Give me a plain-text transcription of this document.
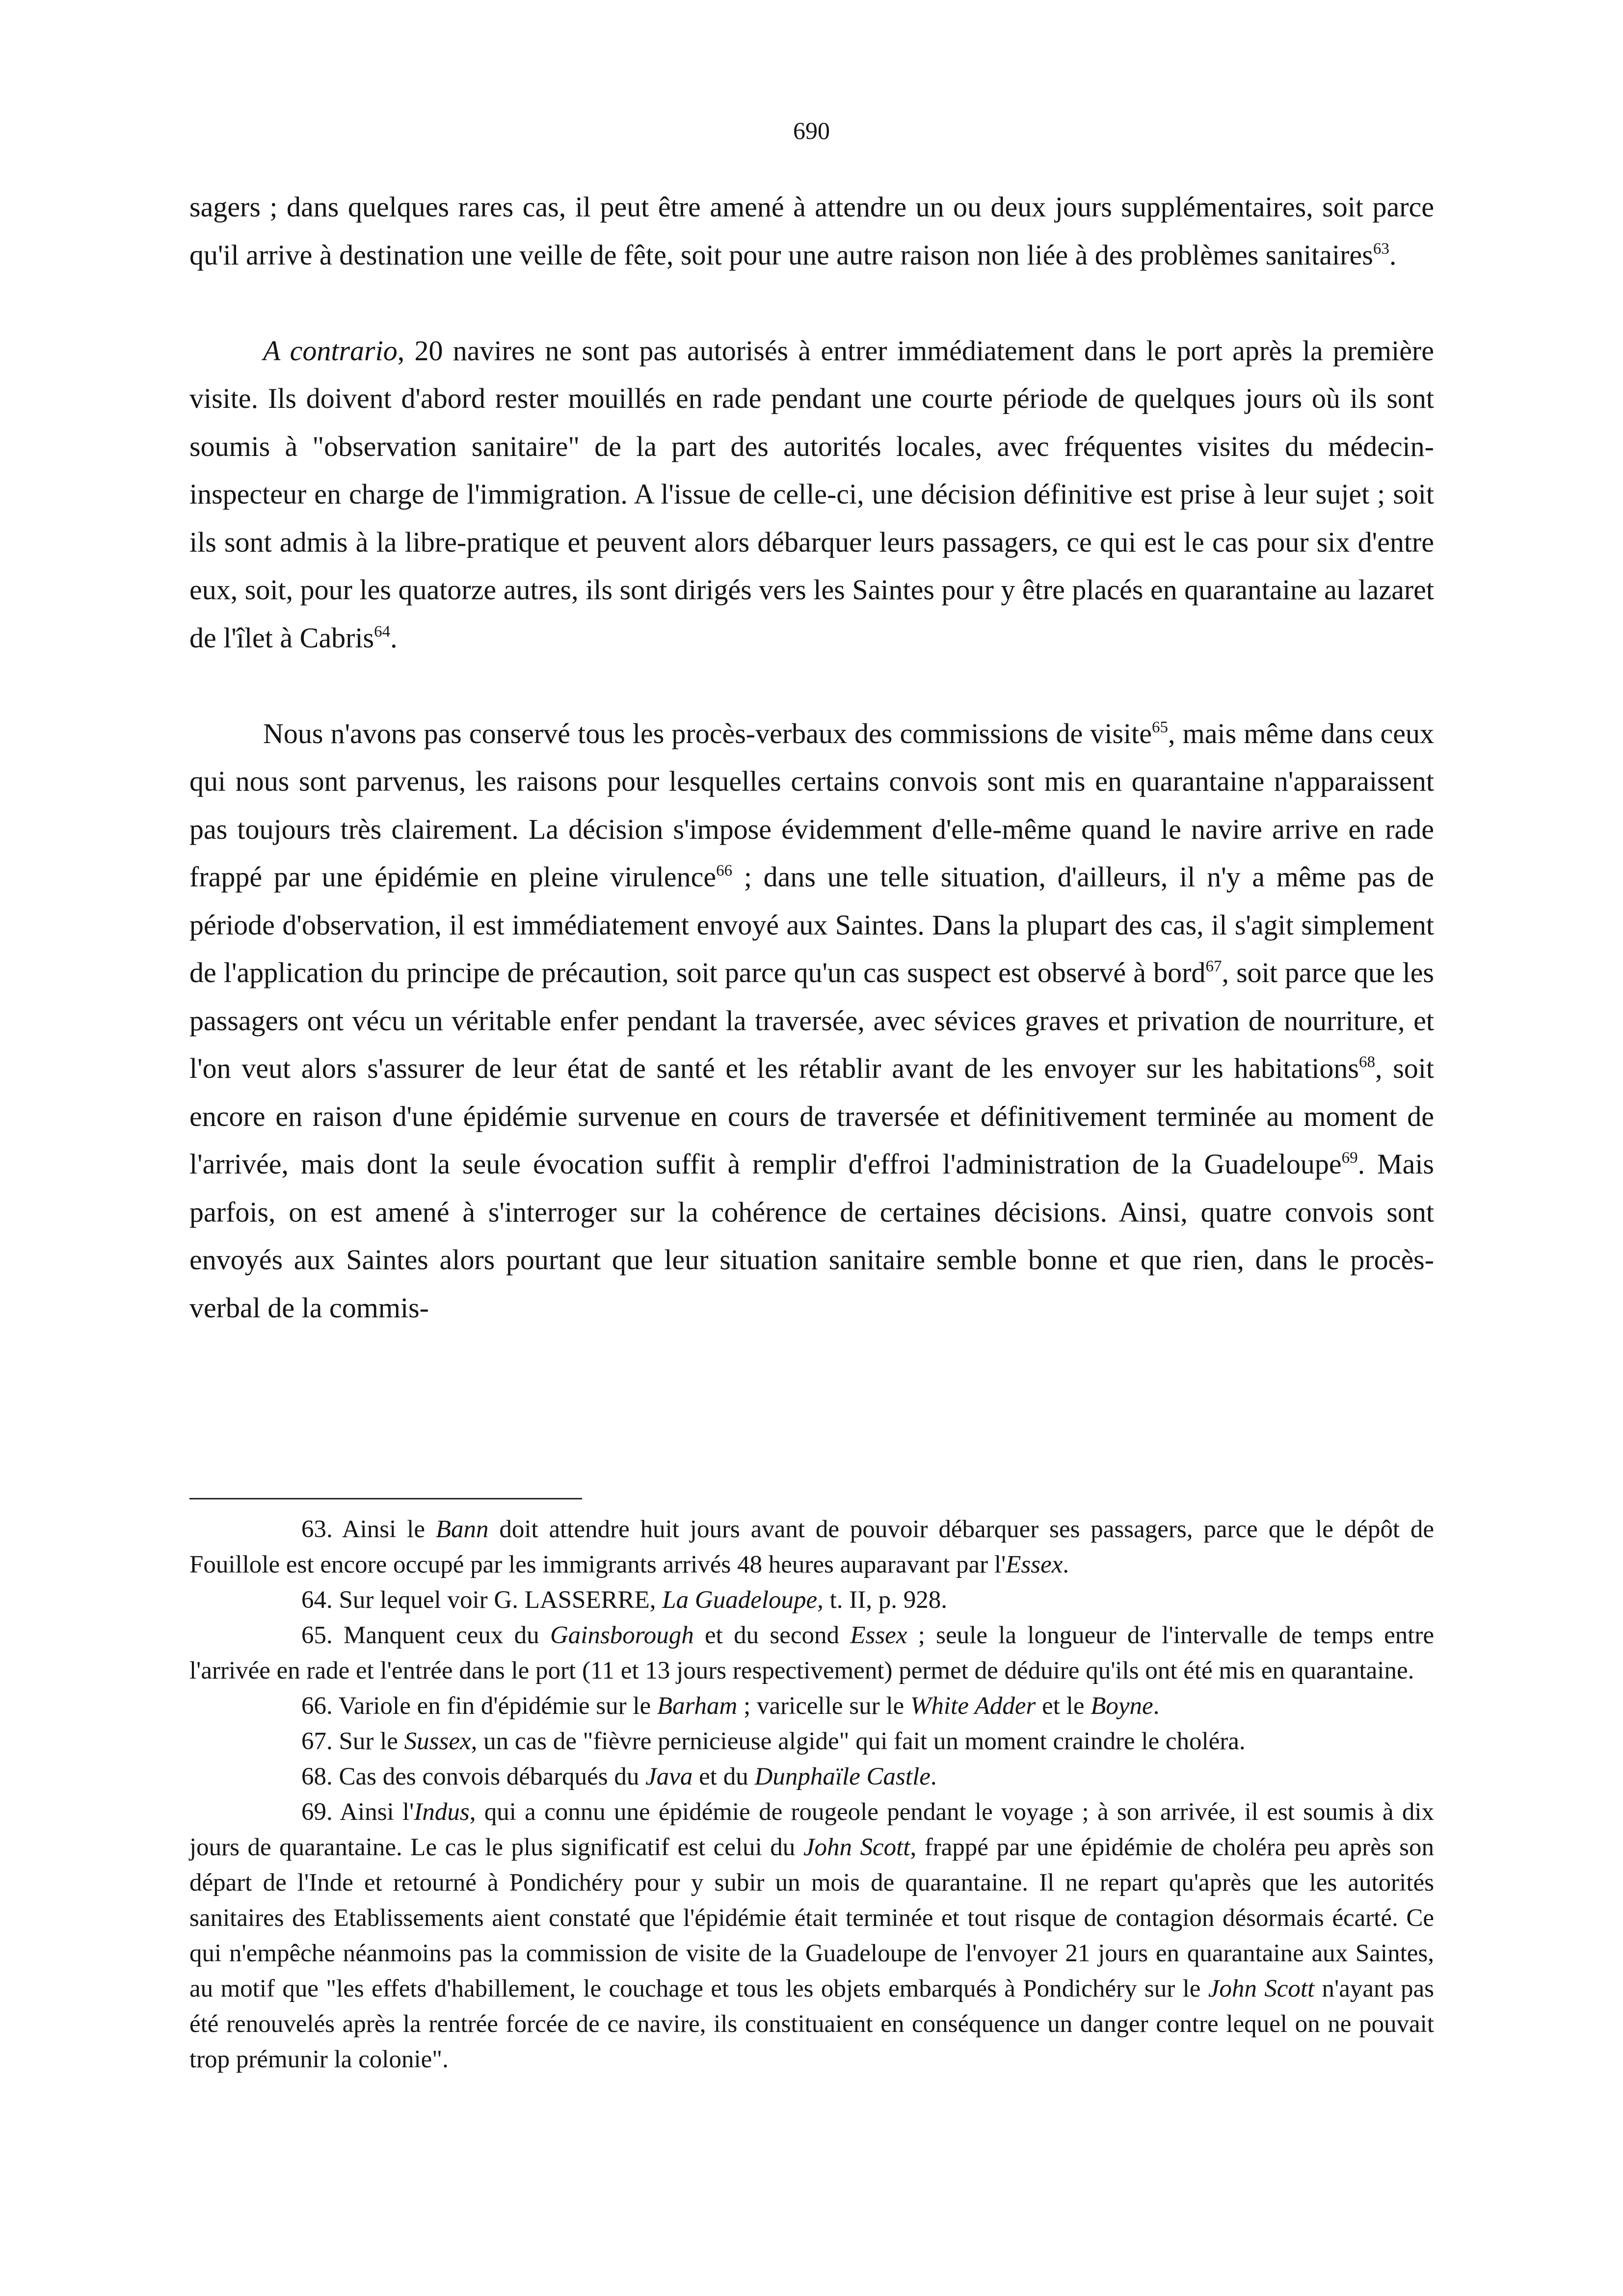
690

sagers ; dans quelques rares cas, il peut être amené à attendre un ou deux jours supplémentaires, soit parce qu'il arrive à destination une veille de fête, soit pour une autre raison non liée à des problèmes sanitaires$^{63}$.

A contrario, 20 navires ne sont pas autorisés à entrer immédiatement dans le port après la première visite. Ils doivent d'abord rester mouillés en rade pendant une courte période de quelques jours où ils sont soumis à "observation sanitaire" de la part des autorités locales, avec fréquentes visites du médecin-inspecteur en charge de l'immigration. A l'issue de celle-ci, une décision définitive est prise à leur sujet ; soit ils sont admis à la libre-pratique et peuvent alors débarquer leurs passagers, ce qui est le cas pour six d'entre eux, soit, pour les quatorze autres, ils sont dirigés vers les Saintes pour y être placés en quarantaine au lazaret de l'îlet à Cabris$^{64}$.

Nous n'avons pas conservé tous les procès-verbaux des commissions de visite$^{65}$, mais même dans ceux qui nous sont parvenus, les raisons pour lesquelles certains convois sont mis en quarantaine n'apparaissent pas toujours très clairement. La décision s'impose évidemment d'elle-même quand le navire arrive en rade frappé par une épidémie en pleine virulence$^{66}$ ; dans une telle situation, d'ailleurs, il n'y a même pas de période d'observation, il est immédiatement envoyé aux Saintes. Dans la plupart des cas, il s'agit simplement de l'application du principe de précaution, soit parce qu'un cas suspect est observé à bord$^{67}$, soit parce que les passagers ont vécu un véritable enfer pendant la traversée, avec sévices graves et privation de nourriture, et l'on veut alors s'assurer de leur état de santé et les rétablir avant de les envoyer sur les habitations$^{68}$, soit encore en raison d'une épidémie survenue en cours de traversée et définitivement terminée au moment de l'arrivée, mais dont la seule évocation suffit à remplir d'effroi l'administration de la Guadeloupe$^{69}$. Mais parfois, on est amené à s'interroger sur la cohérence de certaines décisions. Ainsi, quatre convois sont envoyés aux Saintes alors pourtant que leur situation sanitaire semble bonne et que rien, dans le procès-verbal de la commis-

63. Ainsi le Bann doit attendre huit jours avant de pouvoir débarquer ses passagers, parce que le dépôt de Fouillole est encore occupé par les immigrants arrivés 48 heures auparavant par l'Essex.

64. Sur lequel voir G. LASSERRE, La Guadeloupe, t. II, p. 928.

65. Manquent ceux du Gainsborough et du second Essex ; seule la longueur de l'intervalle de temps entre l'arrivée en rade et l'entrée dans le port (11 et 13 jours respectivement) permet de déduire qu'ils ont été mis en quarantaine.

66. Variole en fin d'épidémie sur le Barham ; varicelle sur le White Adder et le Boyne.

67. Sur le Sussex, un cas de "fièvre pernicieuse algide" qui fait un moment craindre le choléra.

68. Cas des convois débarqués du Java et du Dunphaïle Castle.

69. Ainsi l'Indus, qui a connu une épidémie de rougeole pendant le voyage ; à son arrivée, il est soumis à dix jours de quarantaine. Le cas le plus significatif est celui du John Scott, frappé par une épidémie de choléra peu après son départ de l'Inde et retourné à Pondichéry pour y subir un mois de quarantaine. Il ne repart qu'après que les autorités sanitaires des Etablissements aient constaté que l'épidémie était terminée et tout risque de contagion désormais écarté. Ce qui n'empêche néanmoins pas la commission de visite de la Guadeloupe de l'envoyer 21 jours en quarantaine aux Saintes, au motif que "les effets d'habillement, le couchage et tous les objets embarqués à Pondichéry sur le John Scott n'ayant pas été renouvelés après la rentrée forcée de ce navire, ils constituaient en conséquence un danger contre lequel on ne pouvait trop prémunir la colonie".
